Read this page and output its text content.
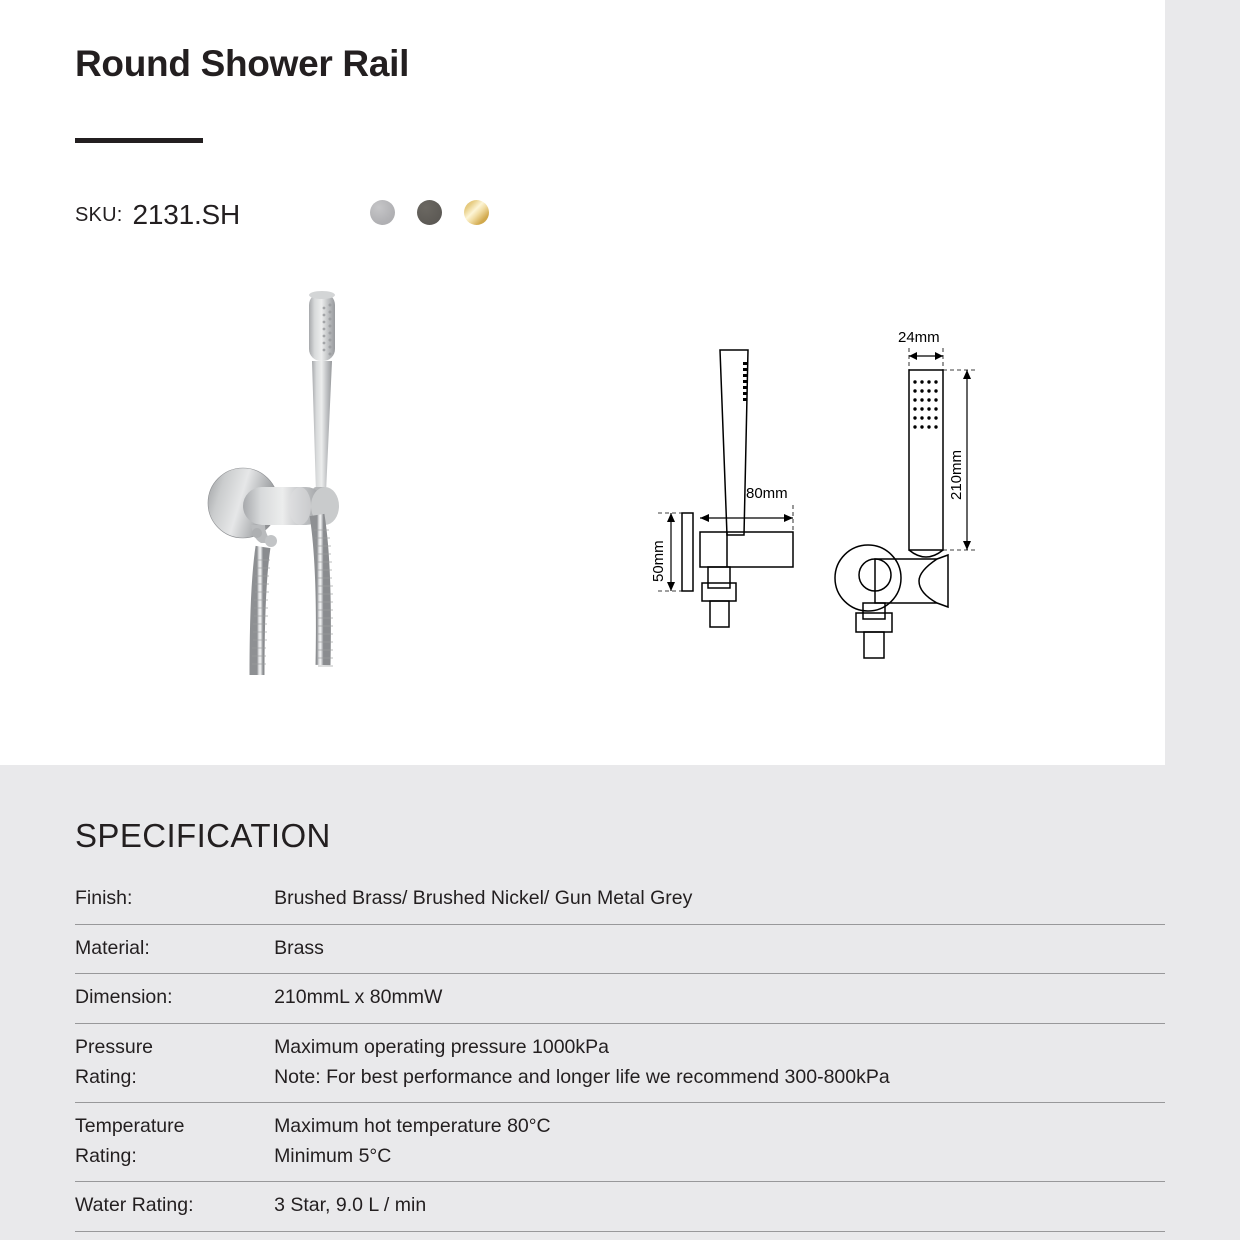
Round Shower Rail
SKU: 2131.SH
80mm
50mm
24mm
210mm
SPECIFICATION
Finish:	Brushed Brass/ Brushed Nickel/ Gun Metal Grey

Material:	Brass

Dimension:	210mmL x 80mmW

Pressure
Rating:	Maximum operating pressure 1000kPa
Note: For best performance and longer life we recommend 300-800kPa

Temperature
Rating:	Maximum hot temperature 80°C
Minimum 5°C

Water Rating:	3 Star, 9.0 L / min
